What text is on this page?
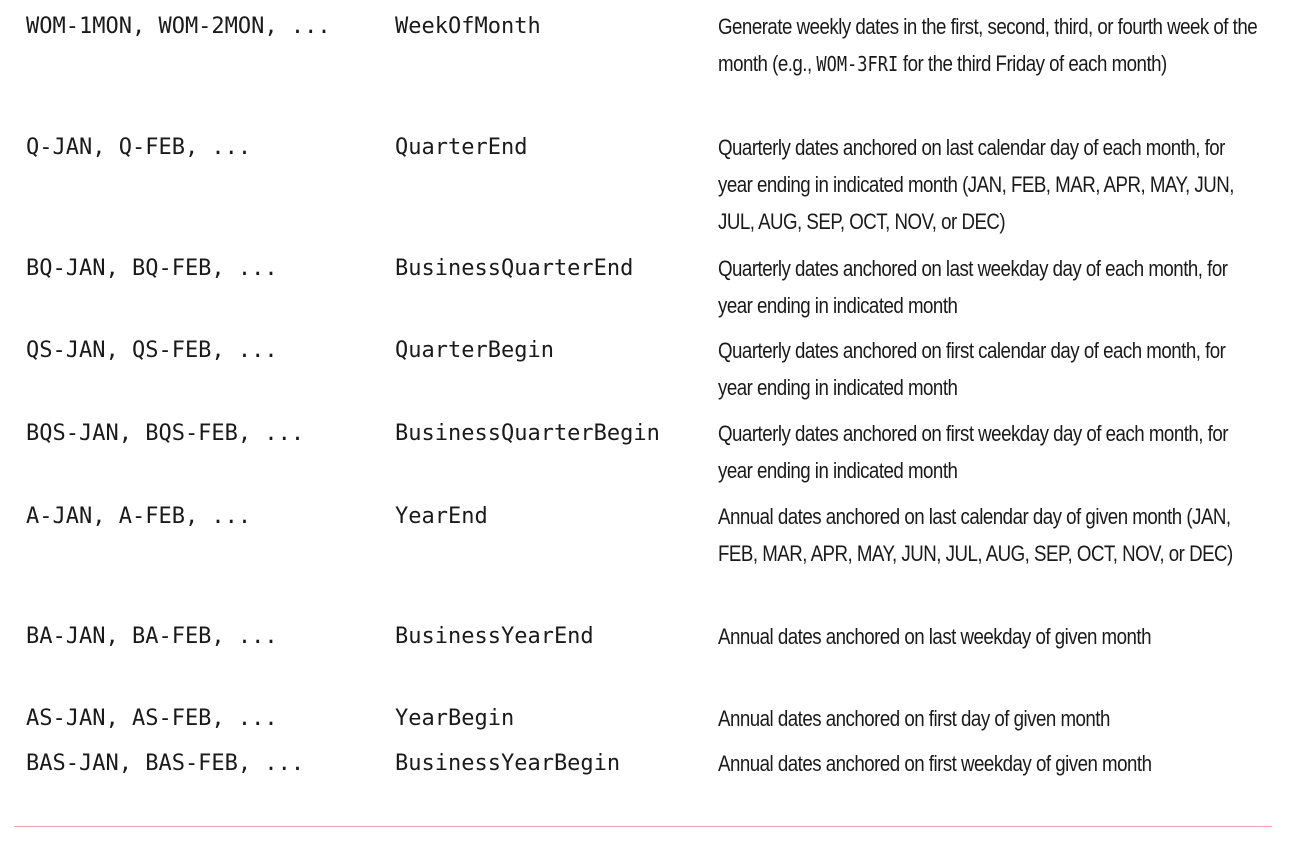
WOM-1MON, WOM-2MON, ...	WeekOfMonth	Generate weekly dates in the first, second, third, or fourth week of the month (e.g., WOM-3FRI for the third Friday of each month)
Q-JAN, Q-FEB, ...	QuarterEnd	Quarterly dates anchored on last calendar day of each month, for year ending in indicated month (JAN, FEB, MAR, APR, MAY, JUN, JUL, AUG, SEP, OCT, NOV, or DEC)
BQ-JAN, BQ-FEB, ...	BusinessQuarterEnd	Quarterly dates anchored on last weekday day of each month, for year ending in indicated month
QS-JAN, QS-FEB, ...	QuarterBegin	Quarterly dates anchored on first calendar day of each month, for year ending in indicated month
BQS-JAN, BQS-FEB, ...	BusinessQuarterBegin	Quarterly dates anchored on first weekday day of each month, for year ending in indicated month
A-JAN, A-FEB, ...	YearEnd	Annual dates anchored on last calendar day of given month (JAN, FEB, MAR, APR, MAY, JUN, JUL, AUG, SEP, OCT, NOV, or DEC)
BA-JAN, BA-FEB, ...	BusinessYearEnd	Annual dates anchored on last weekday of given month
AS-JAN, AS-FEB, ...	YearBegin	Annual dates anchored on first day of given month
BAS-JAN, BAS-FEB, ...	BusinessYearBegin	Annual dates anchored on first weekday of given month
